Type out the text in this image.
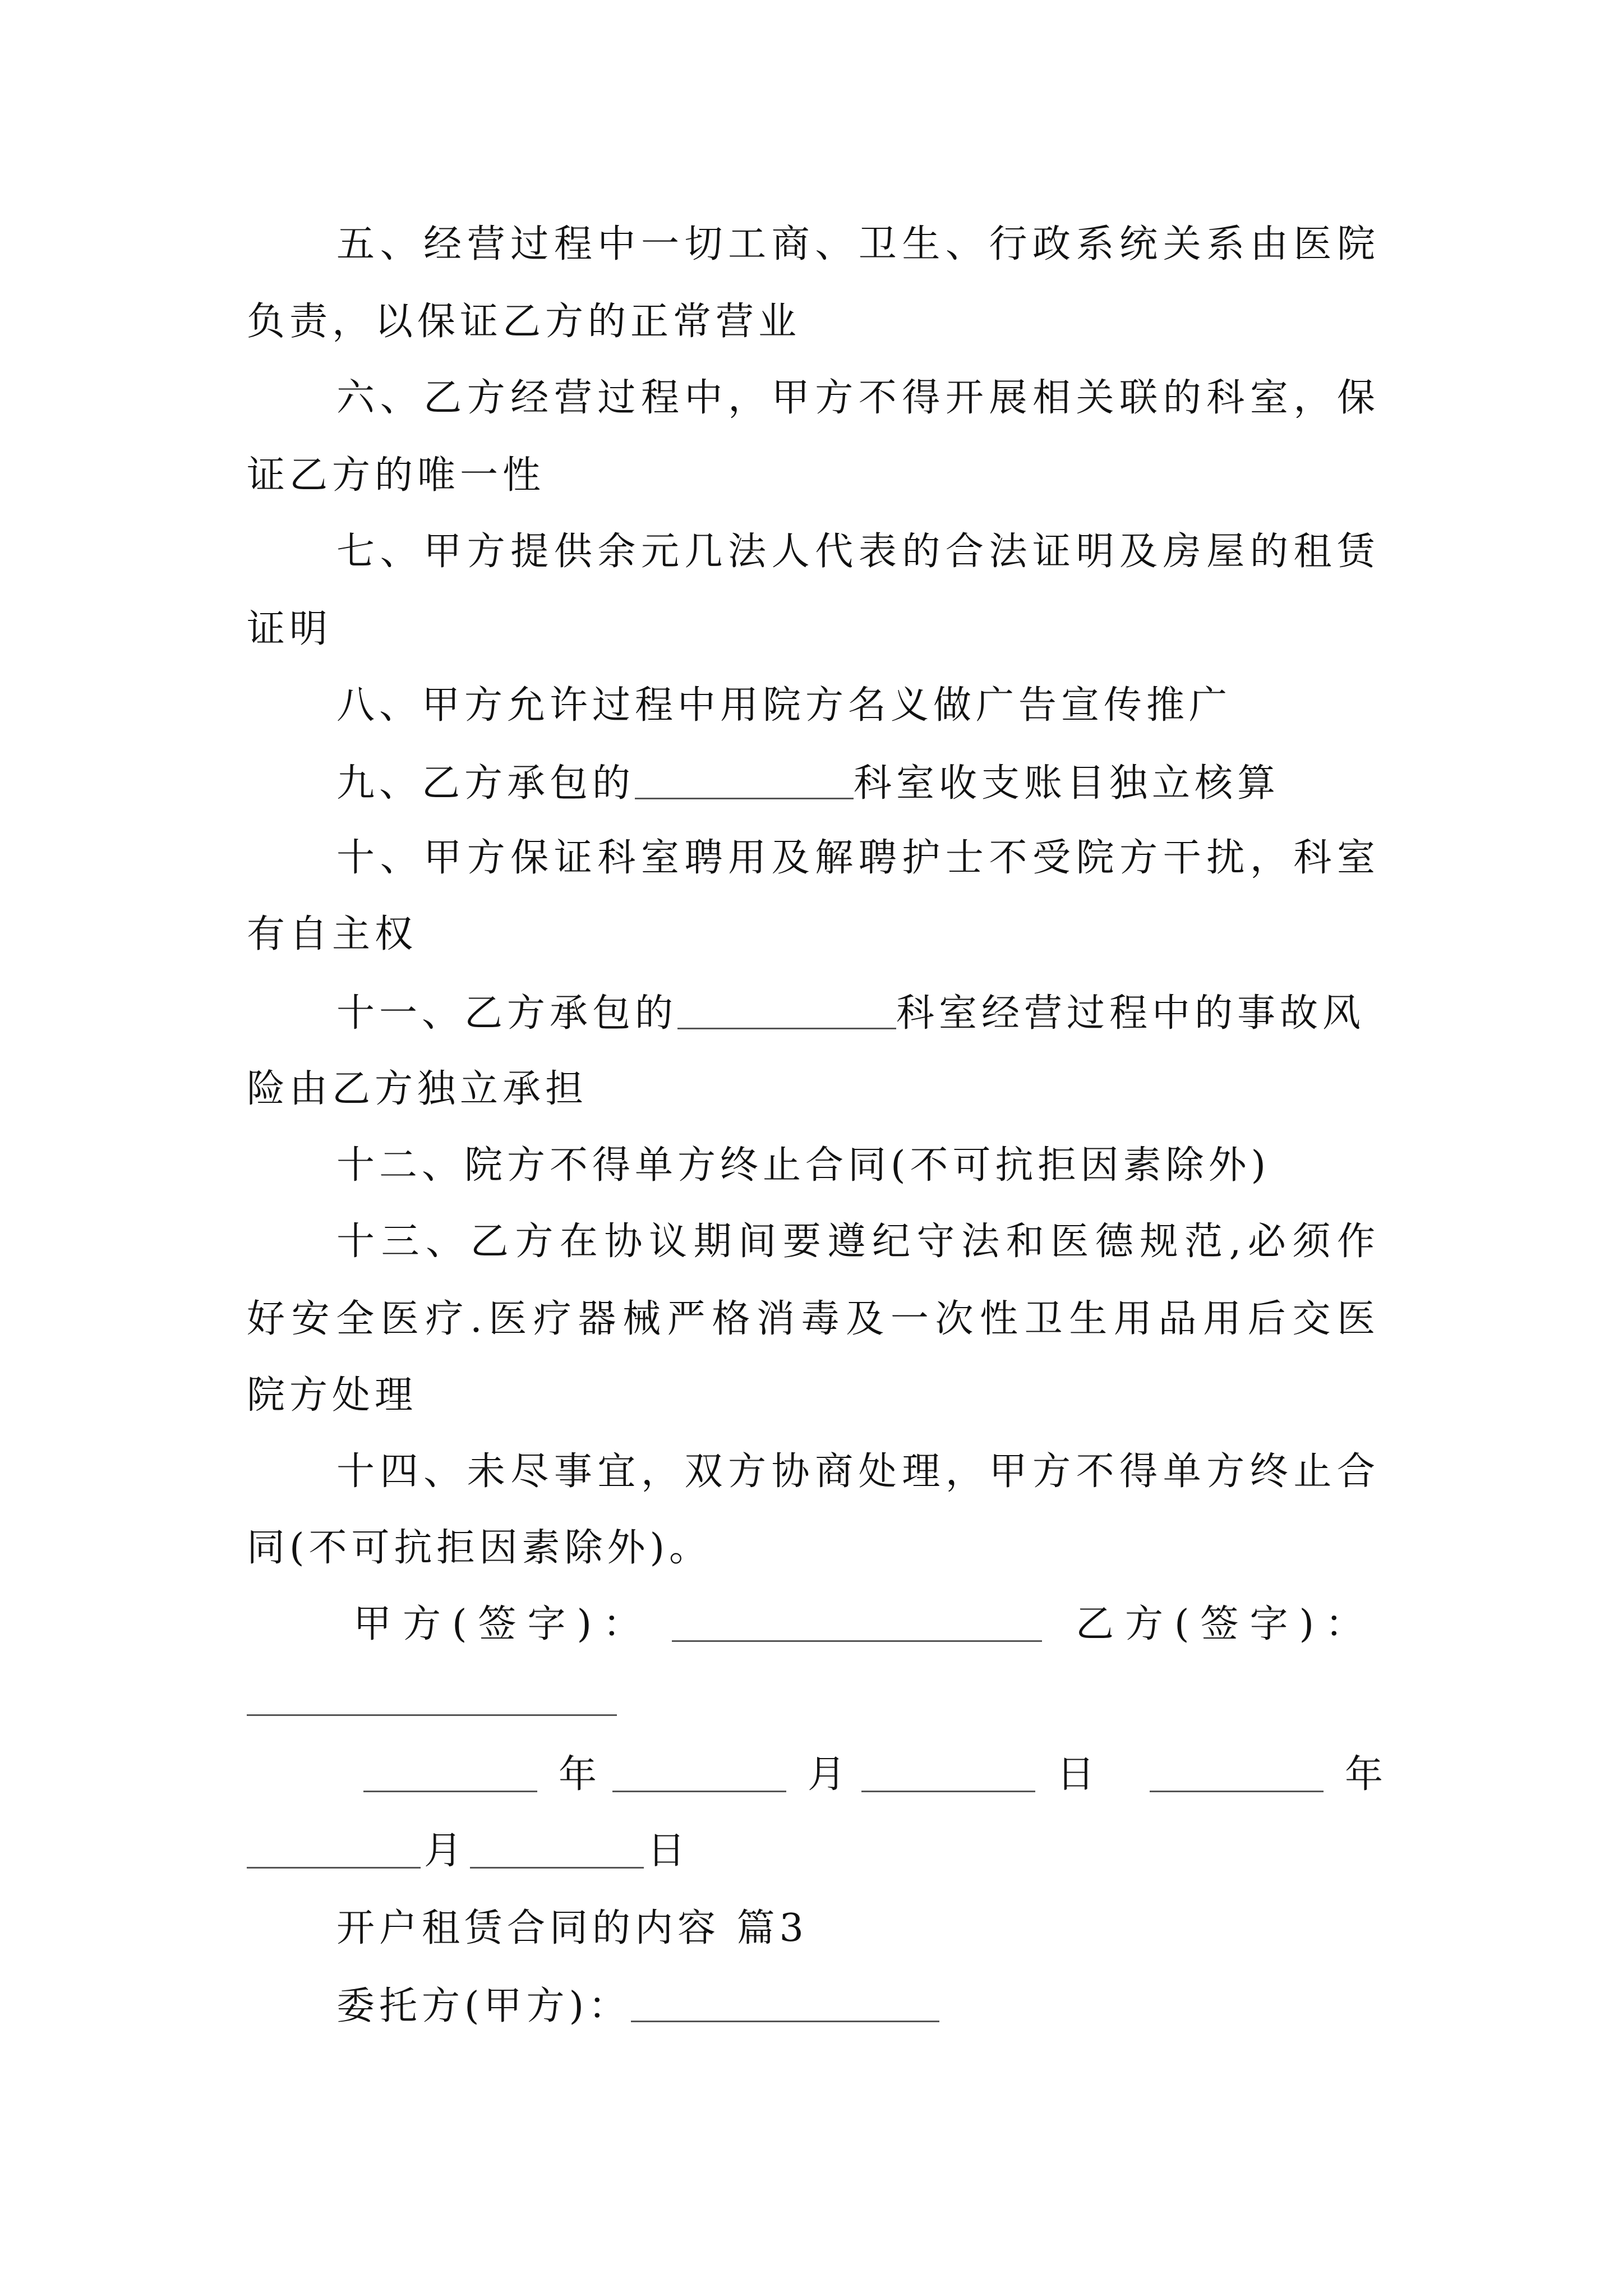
五、经营过程中一切工商、卫生、行政系统关系由医院
负责，以保证乙方的正常营业
六、乙方经营过程中，甲方不得开展相关联的科室，保
证乙方的唯一性
七、甲方提供余元几法人代表的合法证明及房屋的租赁
证明
八、甲方允许过程中用院方名义做广告宣传推广
九、乙方承包的	科室收支账目独立核算
十、甲方保证科室聘用及解聘护士不受院方干扰，科室
有自主权
十一、乙方承包的	科室经营过程中的事故风
险由乙方独立承担
十二、院方不得单方终止合同(不可抗拒因素除外)
十三、乙方在协议期间要遵纪守法和医德规范,必须作
好安全医疗.医疗器械严格消毒及一次性卫生用品用后交医
院方处理
十四、未尽事宜，双方协商处理，甲方不得单方终止合
同(不可抗拒因素除外)。
甲方(签字)：	乙方(签字)：
年	月	日	年
月	日
开户租赁合同的内容 篇3
委托方(甲方)：
